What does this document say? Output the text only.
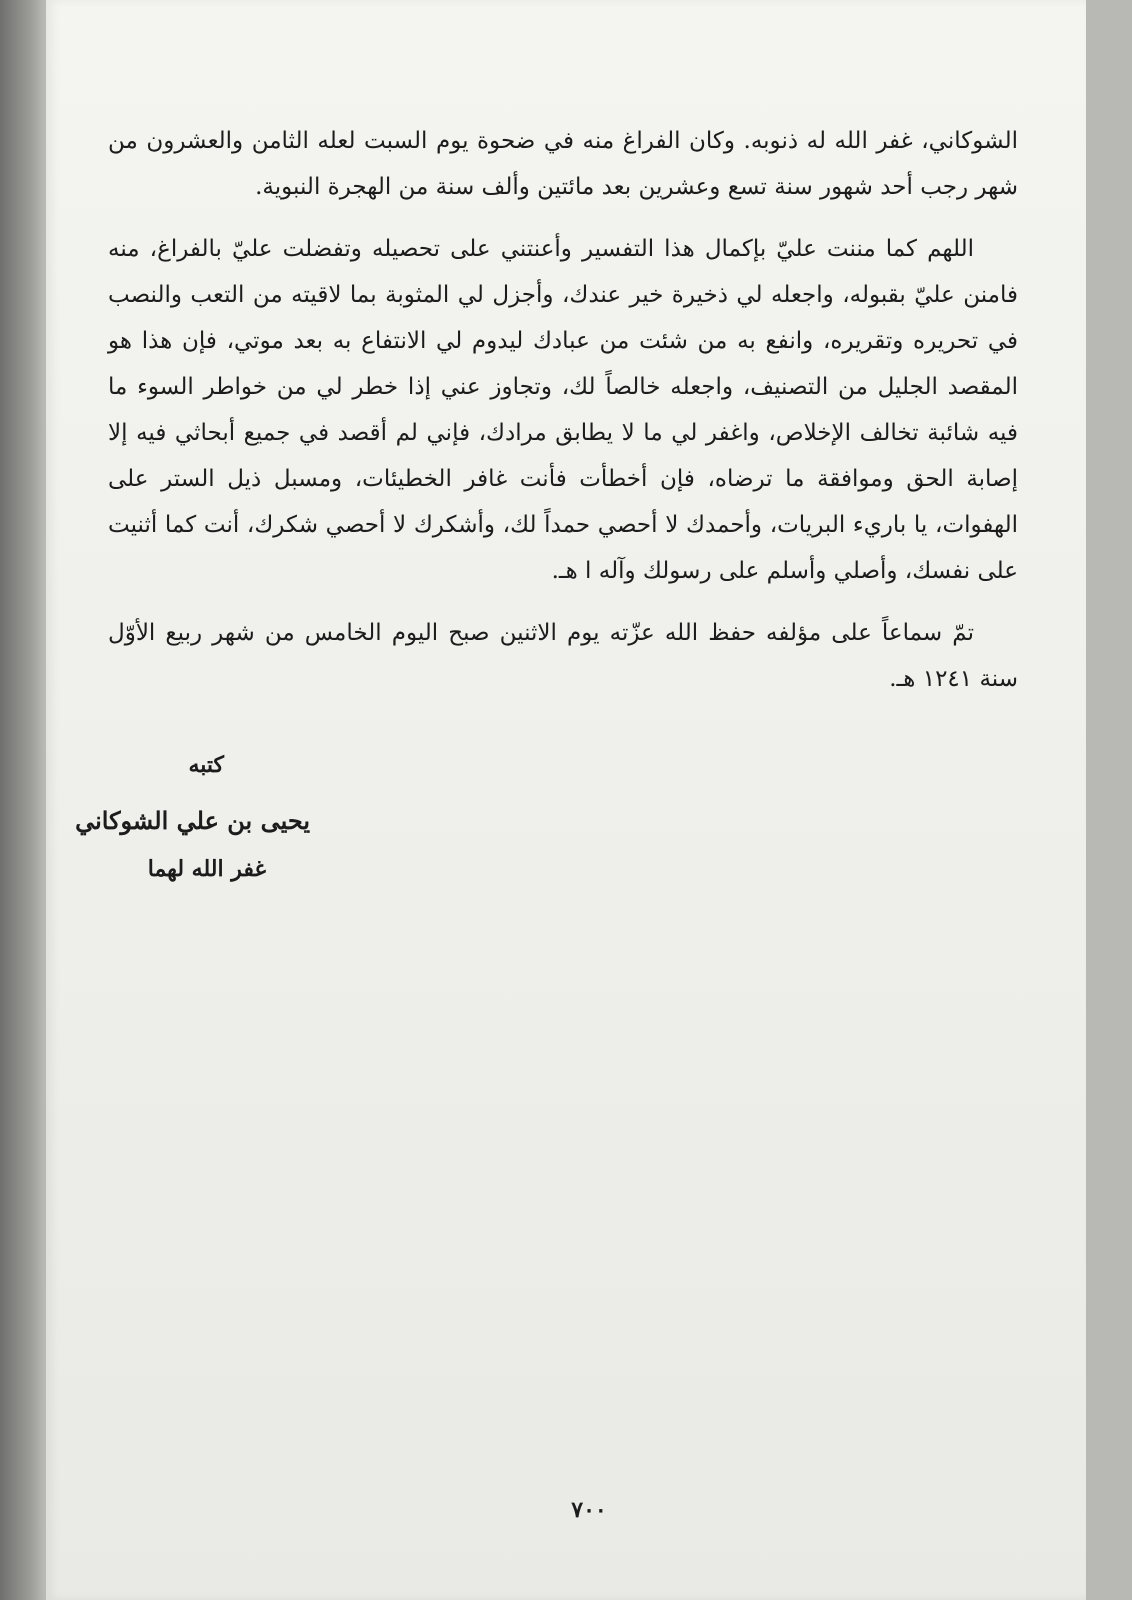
الشوكاني، غفر الله له ذنوبه. وكان الفراغ منه في ضحوة يوم السبت لعله الثامن والعشرون من شهر رجب أحد شهور سنة تسع وعشرين بعد مائتين وألف سنة من الهجرة النبوية.

اللهم كما مننت عليّ بإكمال هذا التفسير وأعنتني على تحصيله وتفضلت عليّ بالفراغ، منه فامنن عليّ بقبوله، واجعله لي ذخيرة خير عندك، وأجزل لي المثوبة بما لاقيته من التعب والنصب في تحريره وتقريره، وانفع به من شئت من عبادك ليدوم لي الانتفاع به بعد موتي، فإن هذا هو المقصد الجليل من التصنيف، واجعله خالصاً لك، وتجاوز عني إذا خطر لي من خواطر السوء ما فيه شائبة تخالف الإخلاص، واغفر لي ما لا يطابق مرادك، فإني لم أقصد في جميع أبحاثي فيه إلا إصابة الحق وموافقة ما ترضاه، فإن أخطأت فأنت غافر الخطيئات، ومسبل ذيل الستر على الهفوات، يا باريء البريات، وأحمدك لا أحصي حمداً لك، وأشكرك لا أحصي شكرك، أنت كما أثنيت على نفسك، وأصلي وأسلم على رسولك وآله ا هـ.

تمّ سماعاً على مؤلفه حفظ الله عزّته يوم الاثنين صبح اليوم الخامس من شهر ربيع الأوّل سنة ١٢٤١ هـ.

كتبه
يحيى بن علي الشوكاني
غفر الله لهما
٧٠٠
